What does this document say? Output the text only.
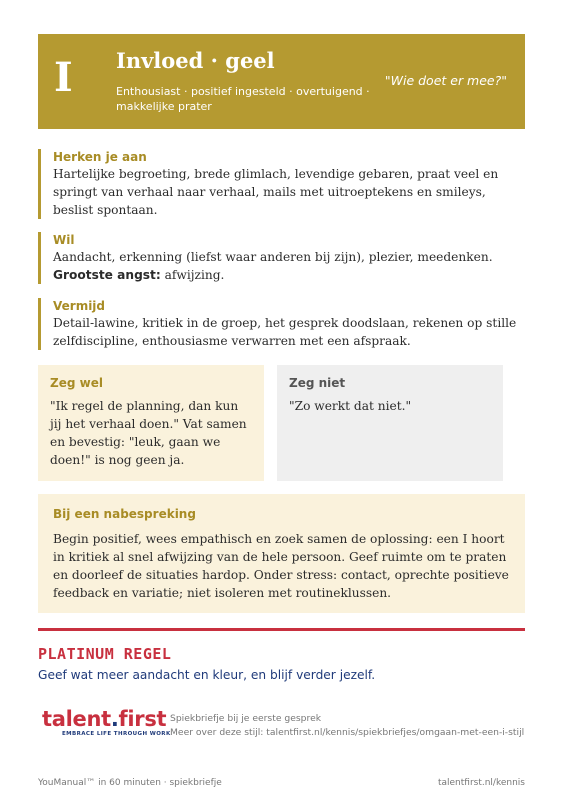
I	Invloed · geel
Enthousiast · positief ingesteld · overtuigend · makkelijke prater
"Wie doet er mee?"
Herken je aan
Hartelijke begroeting, brede glimlach, levendige gebaren, praat veel en springt van verhaal naar verhaal, mails met uitroeptekens en smileys, beslist spontaan.
Wil
Aandacht, erkenning (liefst waar anderen bij zijn), plezier, meedenken.
Grootste angst: afwijzing.
Vermijd
Detail-lawine, kritiek in de groep, het gesprek doodslaan, rekenen op stille zelfdiscipline, enthousiasme verwarren met een afspraak.
Zeg wel
"Ik regel de planning, dan kun jij het verhaal doen." Vat samen en bevestig: "leuk, gaan we doen!" is nog geen ja.
Zeg niet
"Zo werkt dat niet."
Bij een nabespreking
Begin positief, wees empathisch en zoek samen de oplossing: een I hoort in kritiek al snel afwijzing van de hele persoon. Geef ruimte om te praten en doorleef de situaties hardop. Onder stress: contact, oprechte positieve feedback en variatie; niet isoleren met routineklussen.
PLATINUM REGEL
Geef wat meer aandacht en kleur, en blijf verder jezelf.
talent.first
EMBRACE LIFE THROUGH WORK
Spiekbriefje bij je eerste gesprek
Meer over deze stijl: talentfirst.nl/kennis/spiekbriefjes/omgaan-met-een-i-stijl
YouManual™ in 60 minuten · spiekbriefje	talentfirst.nl/kennis
